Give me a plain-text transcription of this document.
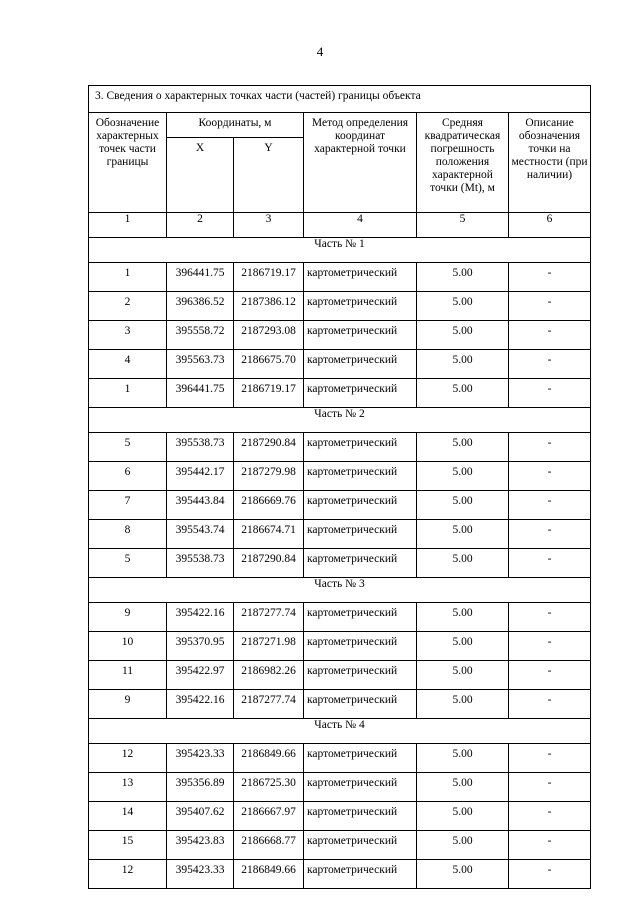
4
3. Сведения о характерных точках части (частей) границы объекта					
Обозначение характерных точек части границы	Координаты, м		Метод определения координат характерной точки	Средняя квадратическая погрешность положения характерной точки (Mt), м	Описание обозначения точки на местности (при наличии)
	X	Y			
1	2	3	4	5	6
Часть № 1					
1	396441.75	2186719.17	картометрический	5.00	-
2	396386.52	2187386.12	картометрический	5.00	-
3	395558.72	2187293.08	картометрический	5.00	-
4	395563.73	2186675.70	картометрический	5.00	-
1	396441.75	2186719.17	картометрический	5.00	-
Часть № 2					
5	395538.73	2187290.84	картометрический	5.00	-
6	395442.17	2187279.98	картометрический	5.00	-
7	395443.84	2186669.76	картометрический	5.00	-
8	395543.74	2186674.71	картометрический	5.00	-
5	395538.73	2187290.84	картометрический	5.00	-
Часть № 3					
9	395422.16	2187277.74	картометрический	5.00	-
10	395370.95	2187271.98	картометрический	5.00	-
11	395422.97	2186982.26	картометрический	5.00	-
9	395422.16	2187277.74	картометрический	5.00	-
Часть № 4					
12	395423.33	2186849.66	картометрический	5.00	-
13	395356.89	2186725.30	картометрический	5.00	-
14	395407.62	2186667.97	картометрический	5.00	-
15	395423.83	2186668.77	картометрический	5.00	-
12	395423.33	2186849.66	картометрический	5.00	-
